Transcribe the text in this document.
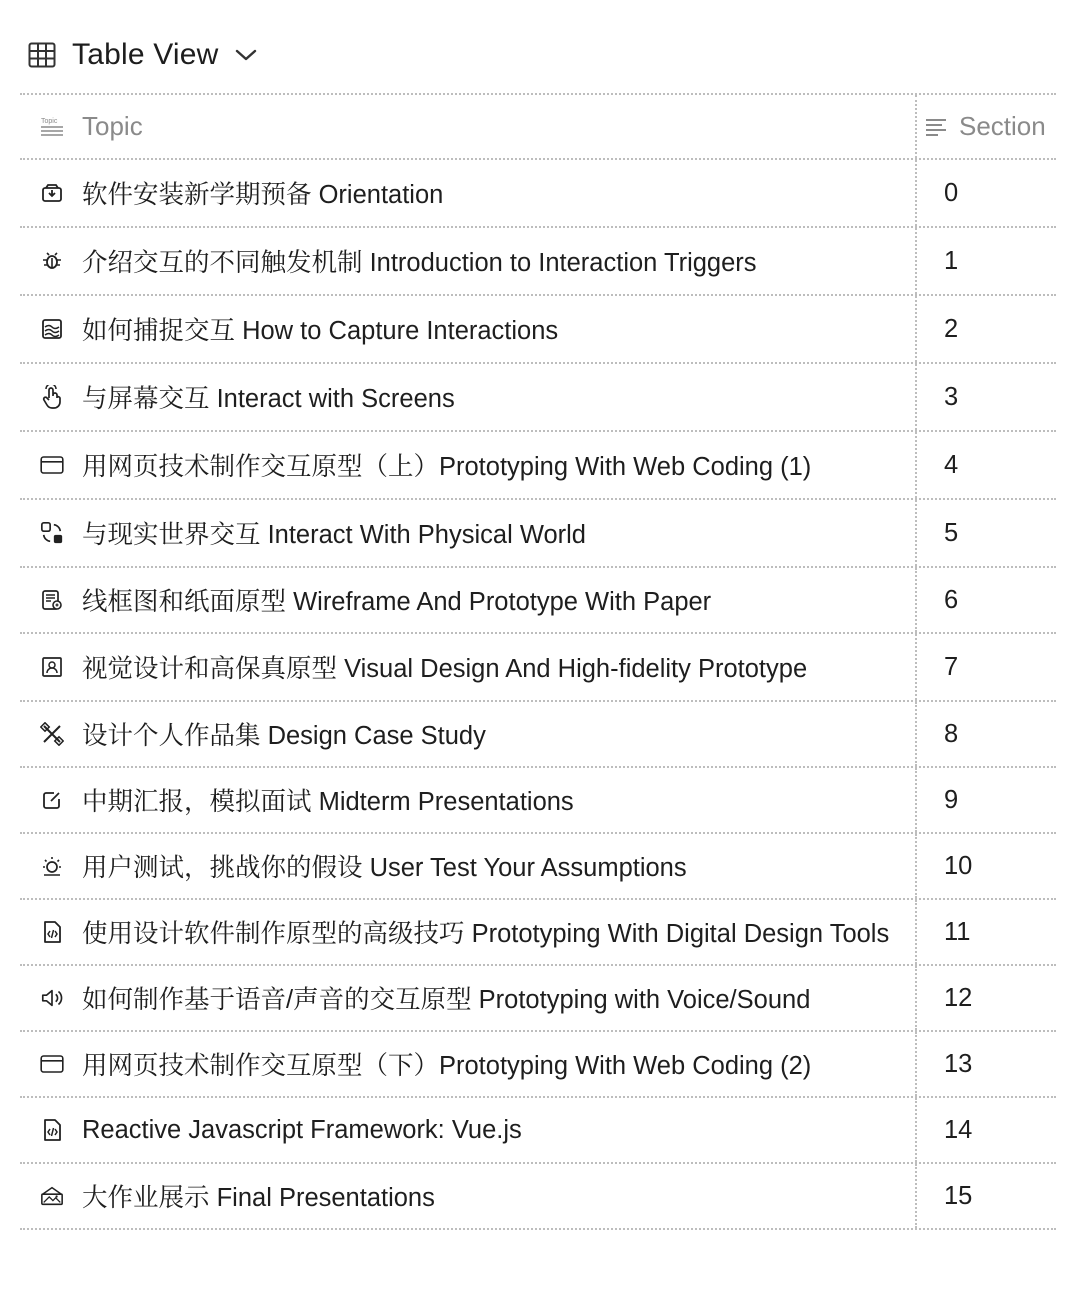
Table View
Topic Topic	Section
软件安装新学期预备 Orientation	0
介绍交互的不同触发机制 Introduction to Interaction Triggers	1
如何捕捉交互 How to Capture Interactions	2
与屏幕交互 Interact with Screens	3
用网页技术制作交互原型（上）Prototyping With Web Coding (1)	4
与现实世界交互 Interact With Physical World	5
线框图和纸面原型 Wireframe And Prototype With Paper	6
视觉设计和高保真原型 Visual Design And High-fidelity Prototype	7
设计个人作品集 Design Case Study	8
中期汇报，模拟面试 Midterm Presentations	9
用户测试，挑战你的假设 User Test Your Assumptions	10
使用设计软件制作原型的高级技巧 Prototyping With Digital Design Tools 11
如何制作基于语音/声音的交互原型 Prototyping with Voice/Sound	12
用网页技术制作交互原型（下）Prototyping With Web Coding (2)	13
Reactive Javascript Framework: Vue.js	14
大作业展示 Final Presentations	15
